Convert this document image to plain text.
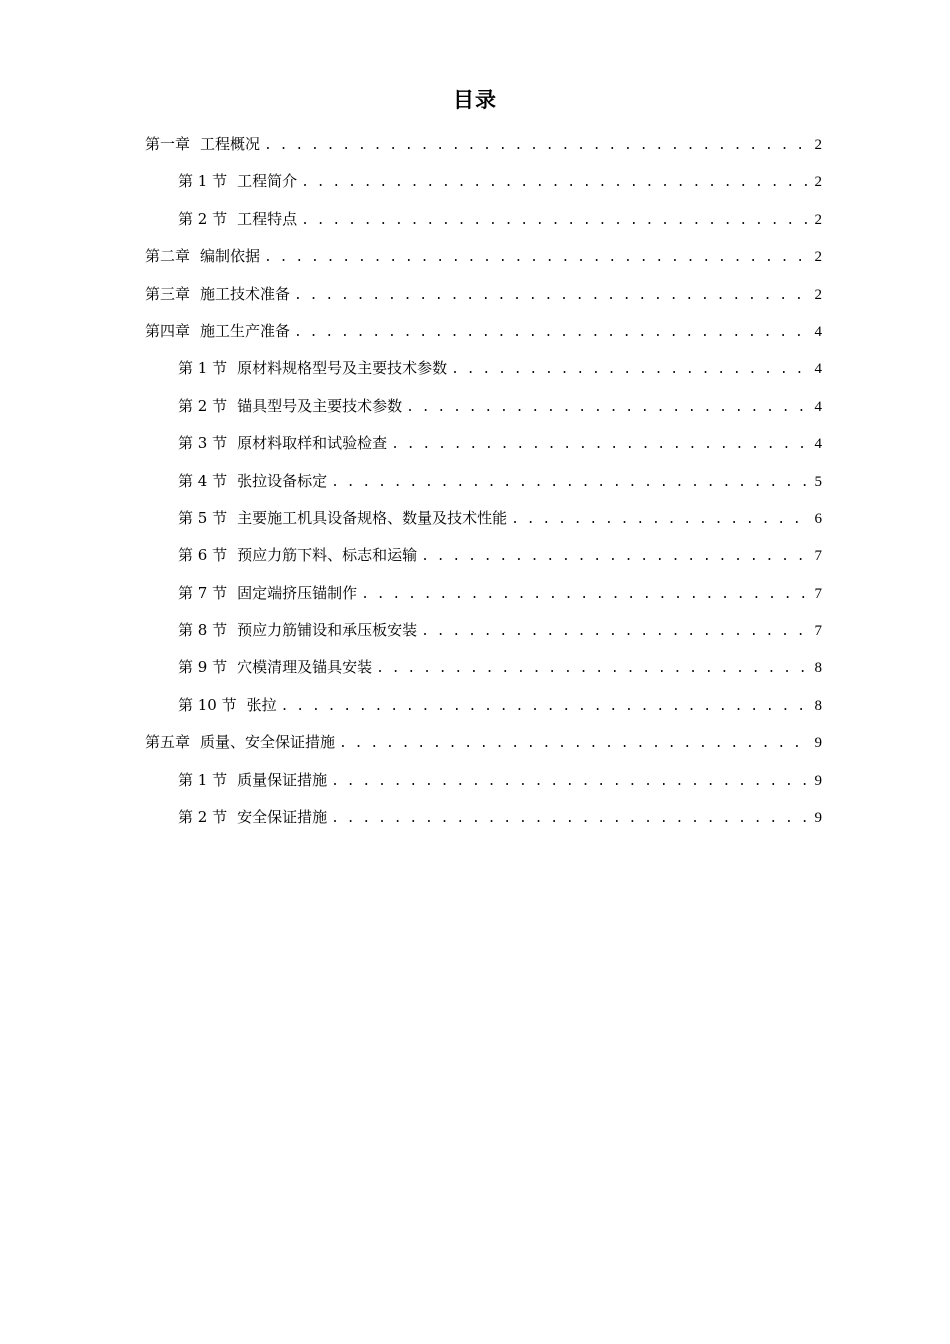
目录
第一章 工程概况 . . .	2
第 1 节 工程简介 . . .	2
第 2 节 工程特点 . . .	2
第二章 编制依据 . . .	2
第三章 施工技术准备 . . .	2
第四章 施工生产准备 . . .	4
第 1 节 原材料规格型号及主要技术参数 . . .	4
第 2 节 锚具型号及主要技术参数 . . .	4
第 3 节 原材料取样和试验检查 . . .	4
第 4 节 张拉设备标定 . . .	5
第 5 节 主要施工机具设备规格、数量及技术性能 . . .	6
第 6 节 预应力筋下料、标志和运输 . . .	7
第 7 节 固定端挤压锚制作 . . .	7
第 8 节 预应力筋铺设和承压板安装 . . .	7
第 9 节 穴模清理及锚具安装 . . .	8
第 10 节 张拉 . . .	8
第五章 质量、安全保证措施 . . .	9
第 1 节 质量保证措施 . . .	9
第 2 节 安全保证措施 . . .	9
